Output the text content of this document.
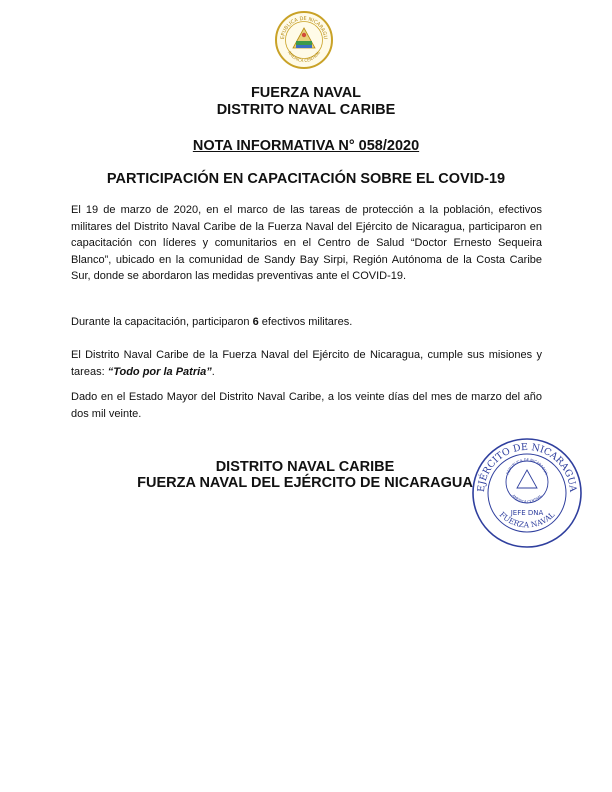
EPUBLICA DE NICARAGU
AMERICA CENTRAL
FUERZA NAVAL
DISTRITO NAVAL CARIBE
NOTA INFORMATIVA N° 058/2020
PARTICIPACIÓN EN CAPACITACIÓN SOBRE EL COVID-19
El 19 de marzo de 2020, en el marco de las tareas de protección a la población, efectivos militares del Distrito Naval Caribe de la Fuerza Naval del Ejército de Nicaragua, participaron en capacitación con líderes y comunitarios en el Centro de Salud “Doctor Ernesto Sequeira Blanco”, ubicado en la comunidad de Sandy Bay Sirpi, Región Autónoma de la Costa Caribe Sur, donde se abordaron las medidas preventivas ante el COVID-19.
Durante la capacitación, participaron 6 efectivos militares.
El Distrito Naval Caribe de la Fuerza Naval del Ejército de Nicaragua, cumple sus misiones y tareas: “Todo por la Patria”.
Dado en el Estado Mayor del Distrito Naval Caribe, a los veinte días del mes de marzo del año dos mil veinte.
DISTRITO NAVAL CARIBE
FUERZA NAVAL DEL EJÉRCITO DE NICARAGUA EJÉRCITO DE NICARAGUA
REPUBLICA DE NICARAGUA
AMERICA CENTRAL
JEFE DNA
FUERZA NAVAL
